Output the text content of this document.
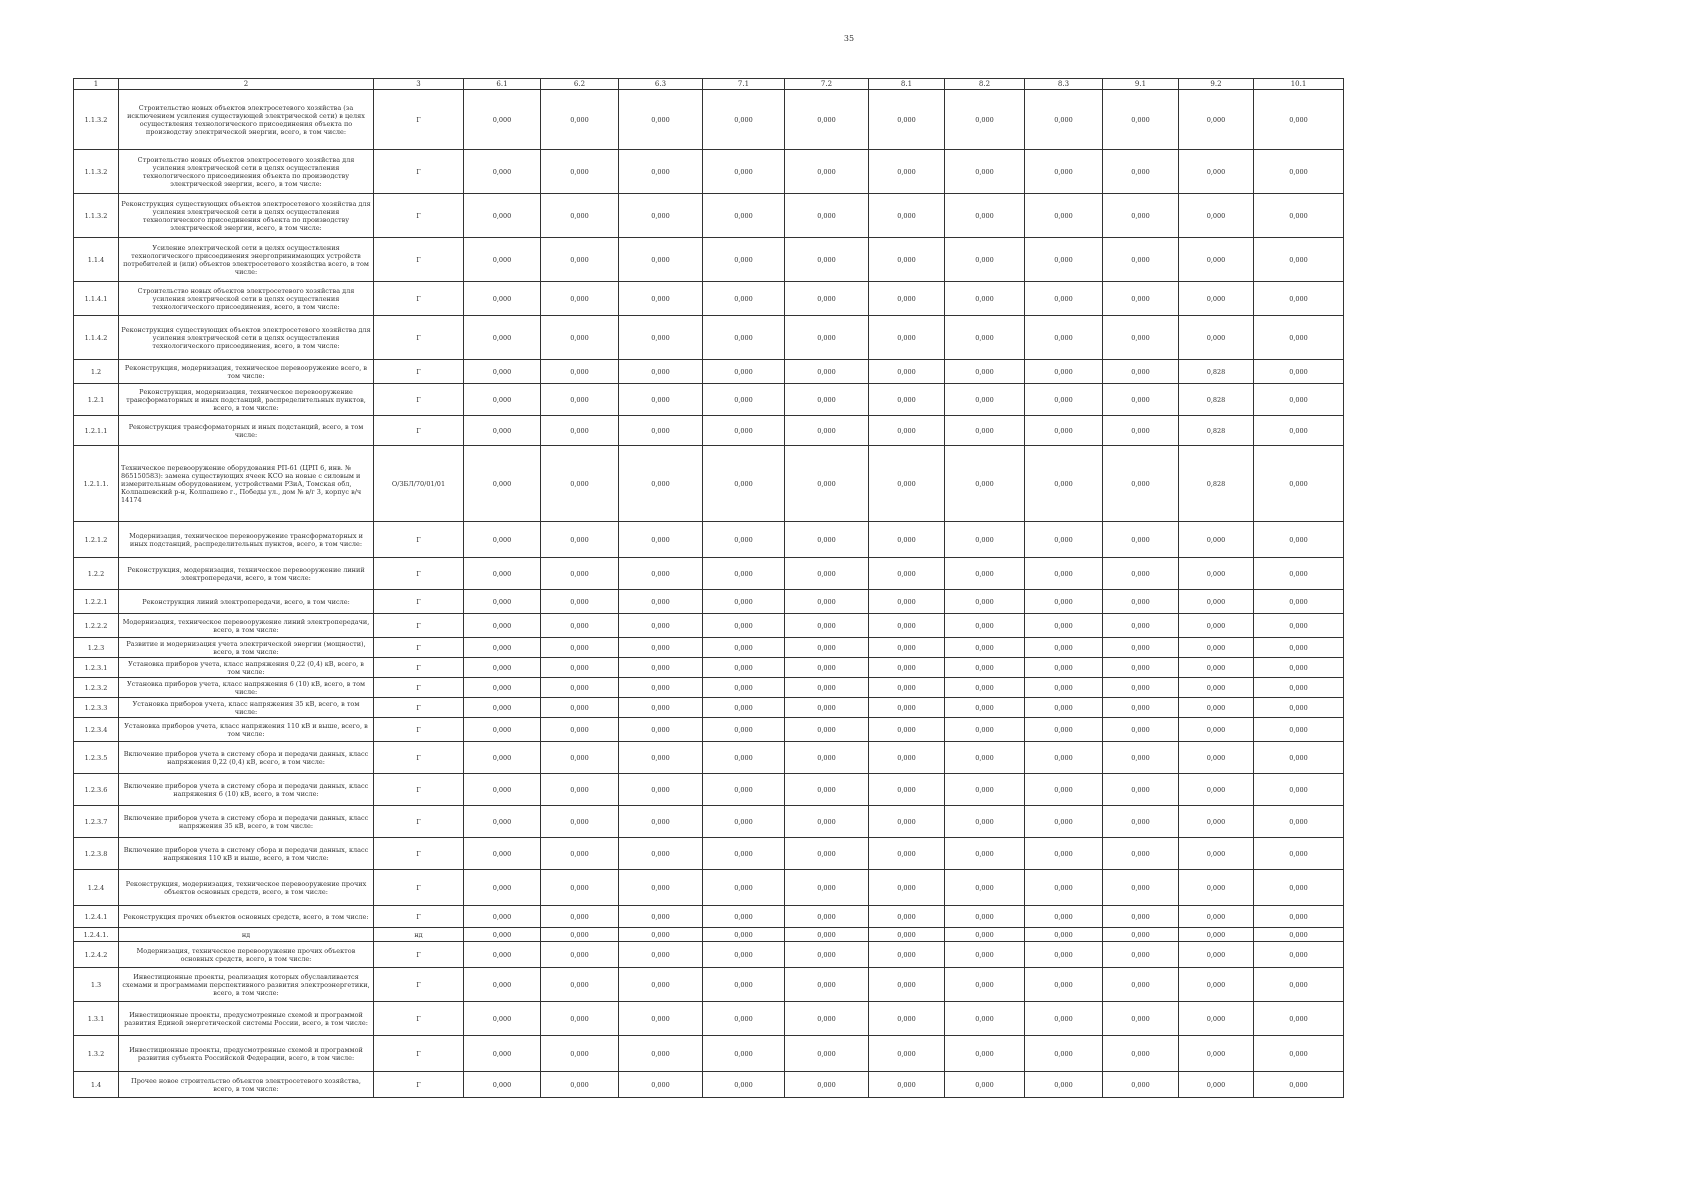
35
1	2	3	6.1	6.2	6.3	7.1	7.2	8.1	8.2	8.3	9.1	9.2	10.1
1.1.3.2	Строительство новых объектов электросетевого хозяйства (за исключением усиления существующей электрической сети) в целях осуществления технологического присоединения объекта по производству электрической энергии, всего, в том числе:	Г	0,000	0,000	0,000	0,000	0,000	0,000	0,000	0,000	0,000	0,000	0,000
1.1.3.2	Строительство новых объектов электросетевого хозяйства для усиления электрической сети в целях осуществления технологического присоединения объекта по производству электрической энергии, всего, в том числе:	Г	0,000	0,000	0,000	0,000	0,000	0,000	0,000	0,000	0,000	0,000	0,000
1.1.3.2	Реконструкция существующих объектов электросетевого хозяйства для усиления электрической сети в целях осуществления технологического присоединения объекта по производству электрической энергии, всего, в том числе:	Г	0,000	0,000	0,000	0,000	0,000	0,000	0,000	0,000	0,000	0,000	0,000
1.1.4	Усиление электрической сети в целях осуществления технологического присоединения энергопринимающих устройств потребителей и (или) объектов электросетевого хозяйства всего, в том числе:	Г	0,000	0,000	0,000	0,000	0,000	0,000	0,000	0,000	0,000	0,000	0,000
1.1.4.1	Строительство новых объектов электросетевого хозяйства для усиления электрической сети в целях осуществления технологического присоединения, всего, в том числе:	Г	0,000	0,000	0,000	0,000	0,000	0,000	0,000	0,000	0,000	0,000	0,000
1.1.4.2	Реконструкция существующих объектов электросетевого хозяйства для усиления электрической сети в целях осуществления технологического присоединения, всего, в том числе:	Г	0,000	0,000	0,000	0,000	0,000	0,000	0,000	0,000	0,000	0,000	0,000
1.2	Реконструкция, модернизация, техническое перевооружение всего, в том числе:	Г	0,000	0,000	0,000	0,000	0,000	0,000	0,000	0,000	0,000	0,828	0,000
1.2.1	Реконструкция, модернизация, техническое перевооружение трансформаторных и иных подстанций, распределительных пунктов, всего, в том числе:	Г	0,000	0,000	0,000	0,000	0,000	0,000	0,000	0,000	0,000	0,828	0,000
1.2.1.1	Реконструкция трансформаторных и иных подстанций, всего, в том числе:	Г	0,000	0,000	0,000	0,000	0,000	0,000	0,000	0,000	0,000	0,828	0,000
1.2.1.1.	Техническое перевооружение оборудования РП-61 (ЦРП 6, инв. № 865150583): замена существующих ячеек КСО на новые с силовым и измерительным оборудованием, устройствами РЗиА, Томская обл, Колпашевский р-н, Колпашево г., Победы ул., дом № в/г 3, корпус в/ч 14174	О/ЗБЛ/70/01/01	0,000	0,000	0,000	0,000	0,000	0,000	0,000	0,000	0,000	0,828	0,000
1.2.1.2	Модернизация, техническое перевооружение трансформаторных и иных подстанций, распределительных пунктов, всего, в том числе:	Г	0,000	0,000	0,000	0,000	0,000	0,000	0,000	0,000	0,000	0,000	0,000
1.2.2	Реконструкция, модернизация, техническое перевооружение линий электропередачи, всего, в том числе:	Г	0,000	0,000	0,000	0,000	0,000	0,000	0,000	0,000	0,000	0,000	0,000
1.2.2.1	Реконструкция линий электропередачи, всего, в том числе:	Г	0,000	0,000	0,000	0,000	0,000	0,000	0,000	0,000	0,000	0,000	0,000
1.2.2.2	Модернизация, техническое перевооружение линий электропередачи, всего, в том числе:	Г	0,000	0,000	0,000	0,000	0,000	0,000	0,000	0,000	0,000	0,000	0,000
1.2.3	Развитие и модернизация учета электрической энергии (мощности), всего, в том числе:	Г	0,000	0,000	0,000	0,000	0,000	0,000	0,000	0,000	0,000	0,000	0,000
1.2.3.1	Установка приборов учета, класс напряжения 0,22 (0,4) кВ, всего, в том числе:	Г	0,000	0,000	0,000	0,000	0,000	0,000	0,000	0,000	0,000	0,000	0,000
1.2.3.2	Установка приборов учета, класс напряжения 6 (10) кВ, всего, в том числе:	Г	0,000	0,000	0,000	0,000	0,000	0,000	0,000	0,000	0,000	0,000	0,000
1.2.3.3	Установка приборов учета, класс напряжения 35 кВ, всего, в том числе:	Г	0,000	0,000	0,000	0,000	0,000	0,000	0,000	0,000	0,000	0,000	0,000
1.2.3.4	Установка приборов учета, класс напряжения 110 кВ и выше, всего, в том числе:	Г	0,000	0,000	0,000	0,000	0,000	0,000	0,000	0,000	0,000	0,000	0,000
1.2.3.5	Включение приборов учета в систему сбора и передачи данных, класс напряжения 0,22 (0,4) кВ, всего, в том числе:	Г	0,000	0,000	0,000	0,000	0,000	0,000	0,000	0,000	0,000	0,000	0,000
1.2.3.6	Включение приборов учета в систему сбора и передачи данных, класс напряжения 6 (10) кВ, всего, в том числе:	Г	0,000	0,000	0,000	0,000	0,000	0,000	0,000	0,000	0,000	0,000	0,000
1.2.3.7	Включение приборов учета в систему сбора и передачи данных, класс напряжения 35 кВ, всего, в том числе:	Г	0,000	0,000	0,000	0,000	0,000	0,000	0,000	0,000	0,000	0,000	0,000
1.2.3.8	Включение приборов учета в систему сбора и передачи данных, класс напряжения 110 кВ и выше, всего, в том числе:	Г	0,000	0,000	0,000	0,000	0,000	0,000	0,000	0,000	0,000	0,000	0,000
1.2.4	Реконструкция, модернизация, техническое перевооружение прочих объектов основных средств, всего, в том числе:	Г	0,000	0,000	0,000	0,000	0,000	0,000	0,000	0,000	0,000	0,000	0,000
1.2.4.1	Реконструкция прочих объектов основных средств, всего, в том числе:	Г	0,000	0,000	0,000	0,000	0,000	0,000	0,000	0,000	0,000	0,000	0,000
1.2.4.1.	нд	нд	0,000	0,000	0,000	0,000	0,000	0,000	0,000	0,000	0,000	0,000	0,000
1.2.4.2	Модернизация, техническое перевооружение прочих объектов основных средств, всего, в том числе:	Г	0,000	0,000	0,000	0,000	0,000	0,000	0,000	0,000	0,000	0,000	0,000
1.3	Инвестиционные проекты, реализация которых обуславливается схемами и программами перспективного развития электроэнергетики, всего, в том числе:	Г	0,000	0,000	0,000	0,000	0,000	0,000	0,000	0,000	0,000	0,000	0,000
1.3.1	Инвестиционные проекты, предусмотренные схемой и программой развития Единой энергетической системы России, всего, в том числе:	Г	0,000	0,000	0,000	0,000	0,000	0,000	0,000	0,000	0,000	0,000	0,000
1.3.2	Инвестиционные проекты, предусмотренные схемой и программой развития субъекта Российской Федерации, всего, в том числе:	Г	0,000	0,000	0,000	0,000	0,000	0,000	0,000	0,000	0,000	0,000	0,000
1.4	Прочее новое строительство объектов электросетевого хозяйства, всего, в том числе:	Г	0,000	0,000	0,000	0,000	0,000	0,000	0,000	0,000	0,000	0,000	0,000
